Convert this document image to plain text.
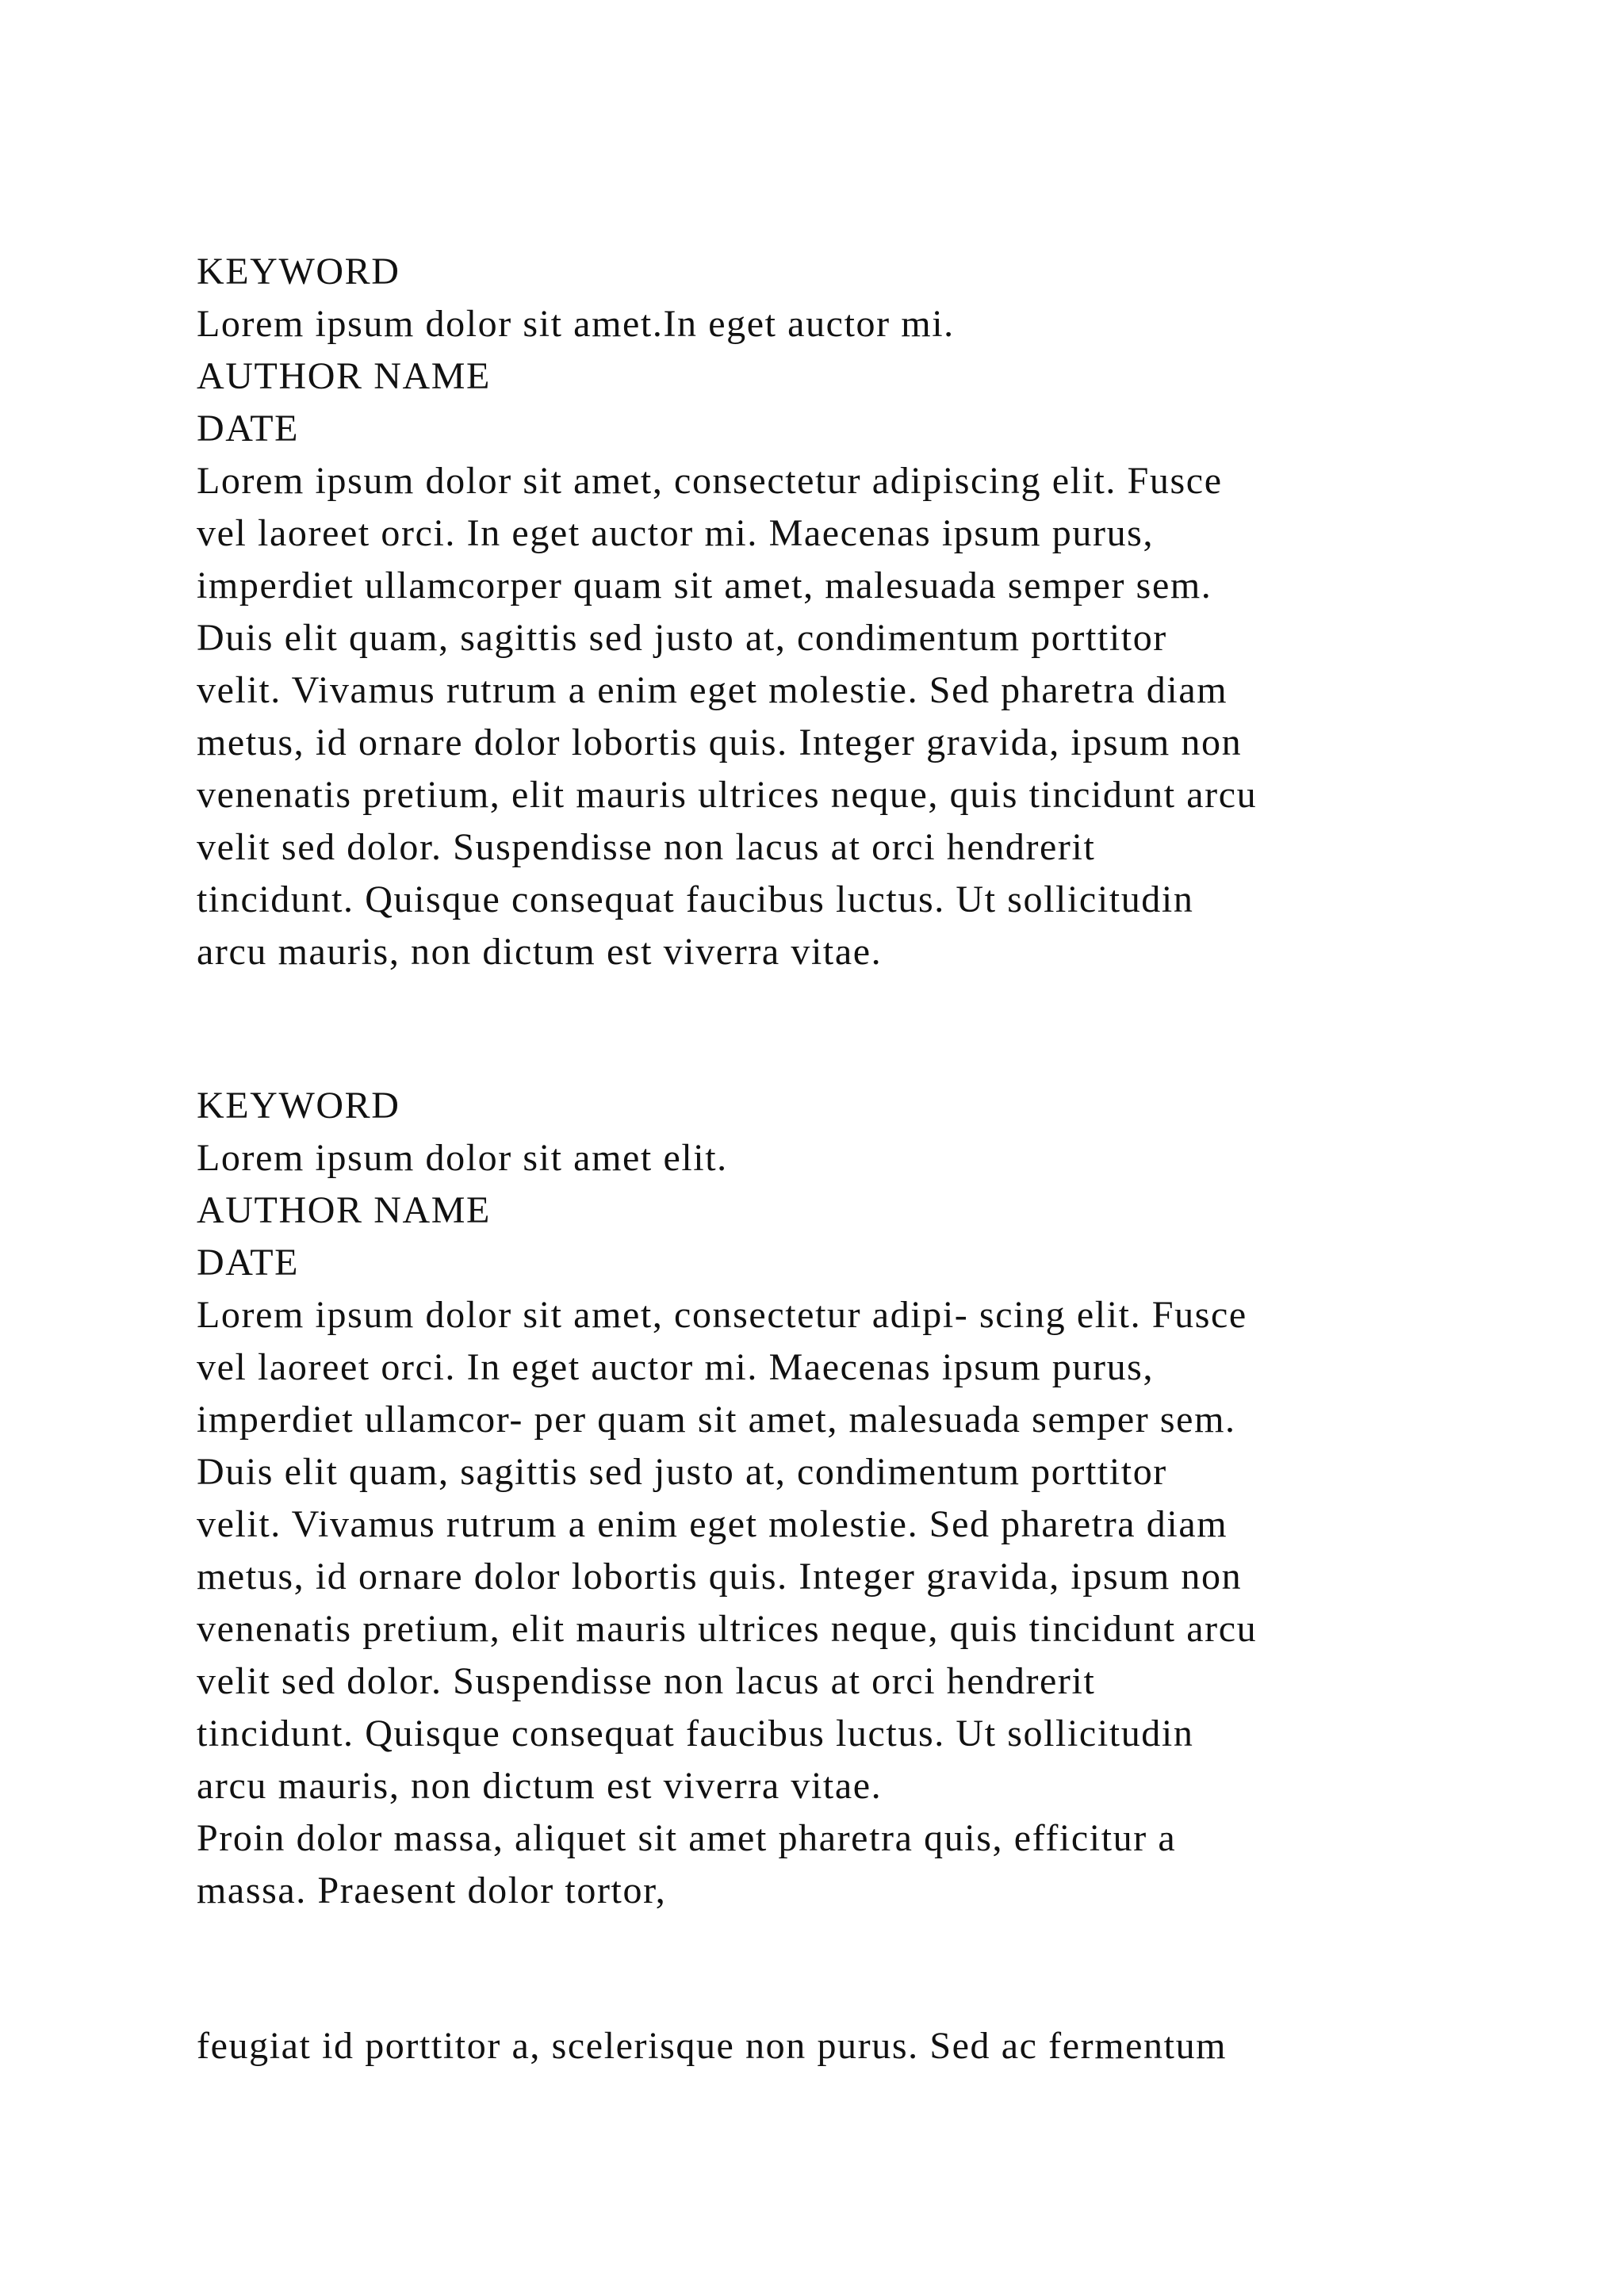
KEYWORD
Lorem ipsum dolor sit amet.In eget auctor mi.
AUTHOR NAME
DATE
Lorem ipsum dolor sit amet, consectetur adipiscing elit. Fusce
vel laoreet orci. In eget auctor mi. Maecenas ipsum purus,
imperdiet ullamcorper quam sit amet, malesuada semper sem.
Duis elit quam, sagittis sed justo at, condimentum porttitor
velit. Vivamus rutrum a enim eget molestie. Sed pharetra diam
metus, id ornare dolor lobortis quis. Integer gravida, ipsum non
venenatis pretium, elit mauris ultrices neque, quis tincidunt arcu
velit sed dolor. Suspendisse non lacus at orci hendrerit
tincidunt. Quisque consequat faucibus luctus. Ut sollicitudin
arcu mauris, non dictum est viverra vitae.
KEYWORD
Lorem ipsum dolor sit amet elit.
AUTHOR NAME
DATE
Lorem ipsum dolor sit amet, consectetur adipi- scing elit. Fusce
vel laoreet orci. In eget auctor mi. Maecenas ipsum purus,
imperdiet ullamcor- per quam sit amet, malesuada semper sem.
Duis elit quam, sagittis sed justo at, condimentum porttitor
velit. Vivamus rutrum a enim eget molestie. Sed pharetra diam
metus, id ornare dolor lobortis quis. Integer gravida, ipsum non
venenatis pretium, elit mauris ultrices neque, quis tincidunt arcu
velit sed dolor. Suspendisse non lacus at orci hendrerit
tincidunt. Quisque consequat faucibus luctus. Ut sollicitudin
arcu mauris, non dictum est viverra vitae.
Proin dolor massa, aliquet sit amet pharetra quis, efficitur a
massa. Praesent dolor tortor,
feugiat id porttitor a, scelerisque non purus. Sed ac fermentum
